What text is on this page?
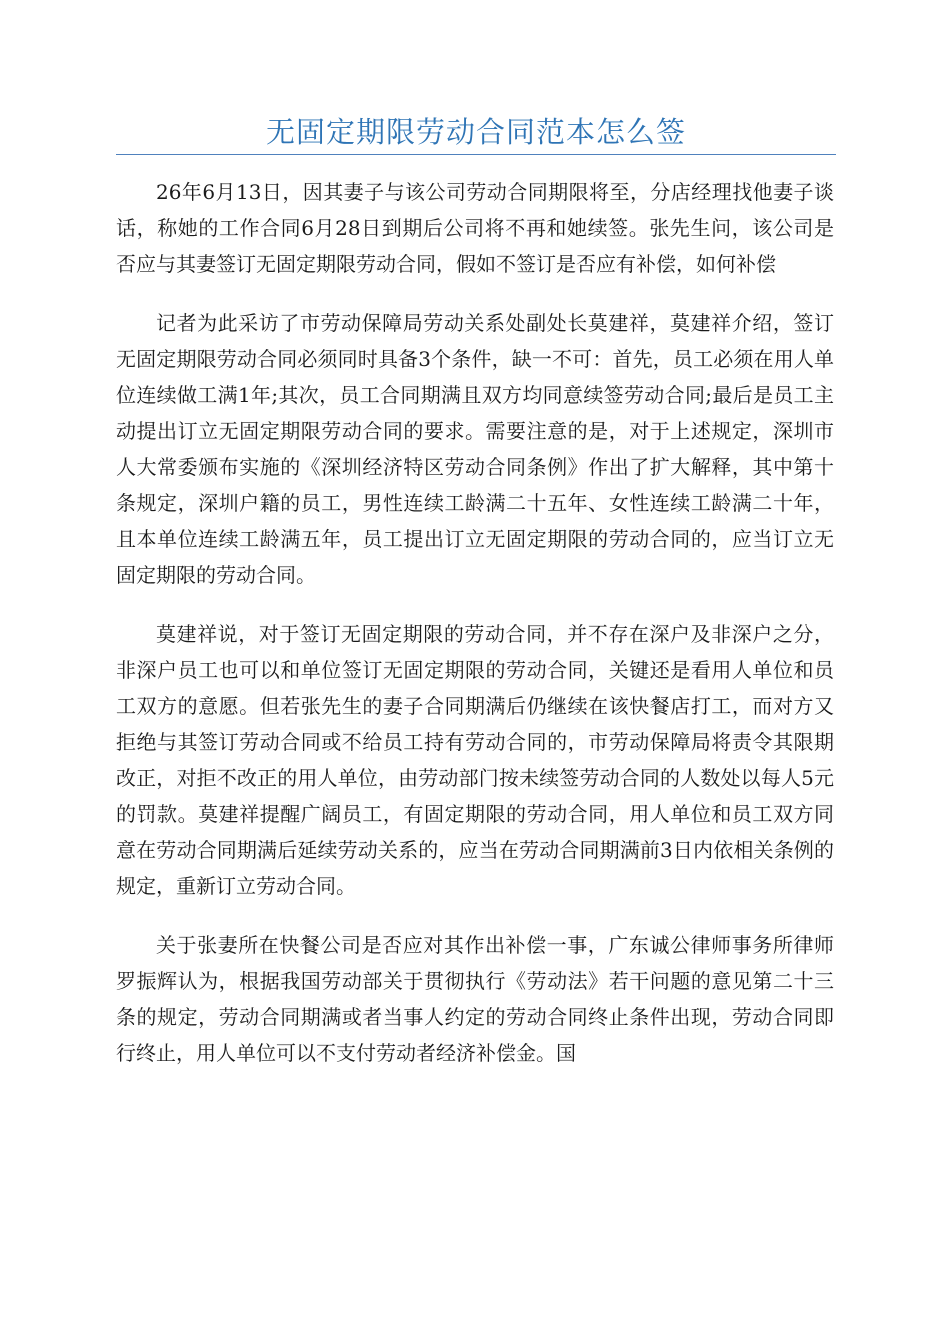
无固定期限劳动合同范本怎么签

26年6月13日，因其妻子与该公司劳动合同期限将至，分店经理找他妻子谈话，称她的工作合同6月28日到期后公司将不再和她续签。张先生问，该公司是否应与其妻签订无固定期限劳动合同，假如不签订是否应有补偿，如何补偿

记者为此采访了市劳动保障局劳动关系处副处长莫建祥，莫建祥介绍，签订无固定期限劳动合同必须同时具备3个条件，缺一不可：首先，员工必须在用人单位连续做工满1年;其次，员工合同期满且双方均同意续签劳动合同;最后是员工主动提出订立无固定期限劳动合同的要求。需要注意的是，对于上述规定，深圳市人大常委颁布实施的《深圳经济特区劳动合同条例》作出了扩大解释，其中第十条规定，深圳户籍的员工，男性连续工龄满二十五年、女性连续工龄满二十年，且本单位连续工龄满五年，员工提出订立无固定期限的劳动合同的，应当订立无固定期限的劳动合同。

莫建祥说，对于签订无固定期限的劳动合同，并不存在深户及非深户之分，非深户员工也可以和单位签订无固定期限的劳动合同，关键还是看用人单位和员工双方的意愿。但若张先生的妻子合同期满后仍继续在该快餐店打工，而对方又拒绝与其签订劳动合同或不给员工持有劳动合同的，市劳动保障局将责令其限期改正，对拒不改正的用人单位，由劳动部门按未续签劳动合同的人数处以每人5元的罚款。莫建祥提醒广阔员工，有固定期限的劳动合同，用人单位和员工双方同意在劳动合同期满后延续劳动关系的，应当在劳动合同期满前3日内依相关条例的规定，重新订立劳动合同。

关于张妻所在快餐公司是否应对其作出补偿一事，广东诚公律师事务所律师罗振辉认为，根据我国劳动部关于贯彻执行《劳动法》若干问题的意见第二十三条的规定，劳动合同期满或者当事人约定的劳动合同终止条件出现，劳动合同即行终止，用人单位可以不支付劳动者经济补偿金。国
